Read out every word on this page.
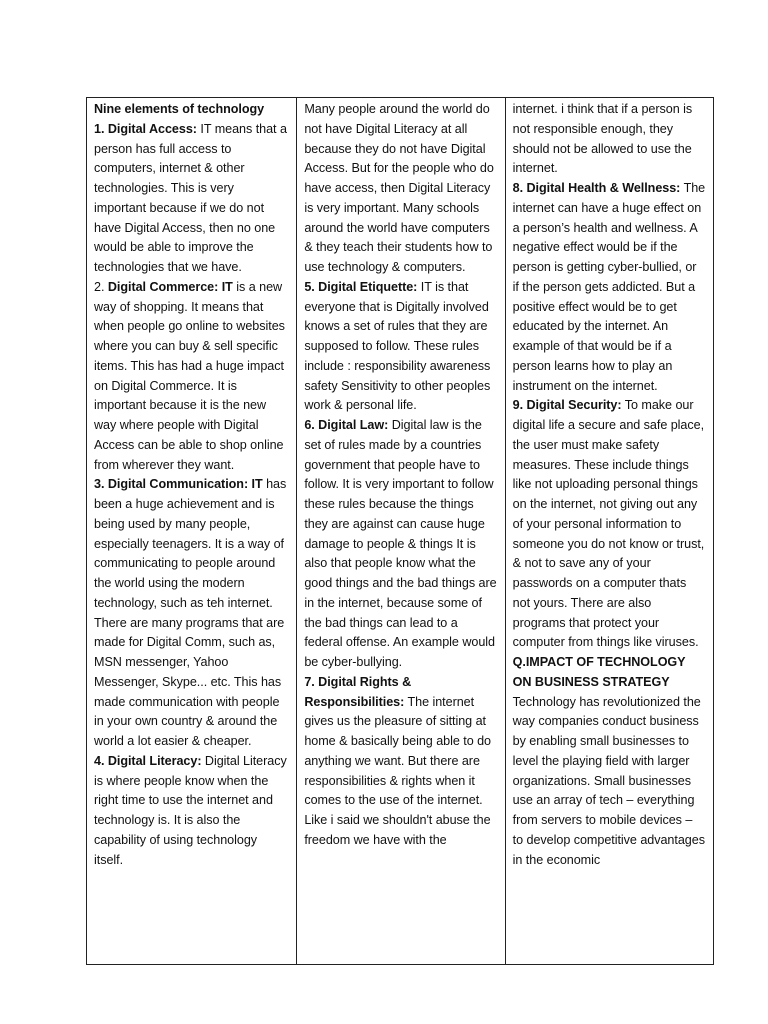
Nine elements of technology

1. Digital Access: IT means that a person has full access to computers, internet & other technologies. This is very important because if we do not have Digital Access, then no one would be able to improve the technologies that we have.

2. Digital Commerce: IT is a new way of shopping. It means that when people go online to websites where you can buy & sell specific items. This has had a huge impact on Digital Commerce. It is important because it is the new way where people with Digital Access can be able to shop online from wherever they want.

3. Digital Communication: IT has been a huge achievement and is being used by many people, especially teenagers. It is a way of communicating to people around the world using the modern technology, such as teh internet. There are many programs that are made for Digital Comm, such as, MSN messenger, Yahoo Messenger, Skype... etc. This has made communication with people in your own country & around the world a lot easier & cheaper.

4. Digital Literacy: Digital Literacy is where people know when the right time to use the internet and technology is. It is also the capability of using technology itself.

Many people around the world do not have Digital Literacy at all because they do not have Digital Access. But for the people who do have access, then Digital Literacy is very important. Many schools around the world have computers & they teach their students how to use technology & computers.

5. Digital Etiquette: IT is that everyone that is Digitally involved knows a set of rules that they are supposed to follow. These rules include : responsibility awareness safety Sensitivity to other peoples work & personal life.

6. Digital Law: Digital law is the set of rules made by a countries government that people have to follow. It is very important to follow these rules because the things they are against can cause huge damage to people & things It is also that people know what the good things and the bad things are in the internet, because some of the bad things can lead to a federal offense. An example would be cyber-bullying.

7. Digital Rights & Responsibilities: The internet gives us the pleasure of sitting at home & basically being able to do anything we want. But there are responsibilities & rights when it comes to the use of the internet. Like i said we shouldn't abuse the freedom we have with the

internet. i think that if a person is not responsible enough, they should not be allowed to use the internet.

8. Digital Health & Wellness: The internet can have a huge effect on a person’s health and wellness. A negative effect would be if the person is getting cyber-bullied, or if the person gets addicted. But a positive effect would be to get educated by the internet. An example of that would be if a person learns how to play an instrument on the internet.

9. Digital Security: To make our digital life a secure and safe place, the user must make safety measures. These include things like not uploading personal things on the internet, not giving out any of your personal information to someone you do not know or trust, & not to save any of your passwords on a computer thats not yours. There are also programs that protect your computer from things like viruses.

Q.IMPACT OF TECHNOLOGY ON BUSINESS STRATEGY

Technology has revolutionized the way companies conduct business by enabling small businesses to level the playing field with larger organizations. Small businesses use an array of tech – everything from servers to mobile devices – to develop competitive advantages in the economic
